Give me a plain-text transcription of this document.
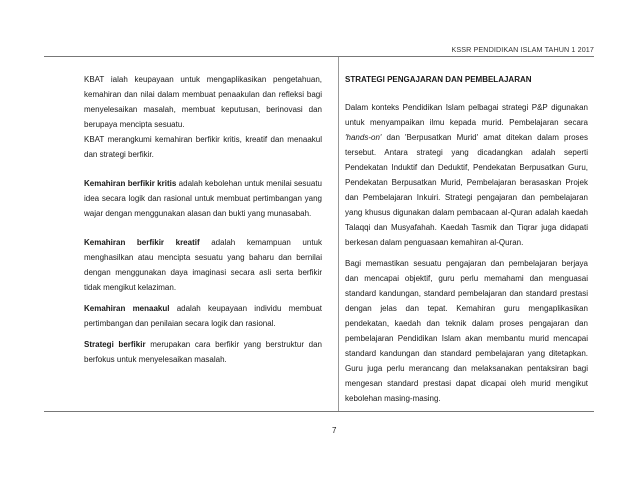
KSSR PENDIDIKAN ISLAM TAHUN 1 2017

KBAT ialah keupayaan untuk mengaplikasikan pengetahuan, kemahiran dan nilai dalam membuat penaakulan dan refleksi bagi menyelesaikan masalah, membuat keputusan, berinovasi dan berupaya mencipta sesuatu.

KBAT merangkumi kemahiran berfikir kritis, kreatif dan menaakul dan strategi berfikir.

Kemahiran berfikir kritis adalah kebolehan untuk menilai sesuatu idea secara logik dan rasional untuk membuat pertimbangan yang wajar dengan menggunakan alasan dan bukti yang munasabah.

Kemahiran berfikir kreatif adalah kemampuan untuk menghasilkan atau mencipta sesuatu yang baharu dan bernilai dengan menggunakan daya imaginasi secara asli serta berfikir tidak mengikut kelaziman.

Kemahiran menaakul adalah keupayaan individu membuat pertimbangan dan penilaian secara logik dan rasional.

Strategi berfikir merupakan cara berfikir yang berstruktur dan berfokus untuk menyelesaikan masalah.

STRATEGI PENGAJARAN DAN PEMBELAJARAN

Dalam konteks Pendidikan Islam pelbagai strategi P&P digunakan untuk menyampaikan ilmu kepada murid. Pembelajaran secara 'hands-on' dan 'Berpusatkan Murid' amat ditekan dalam proses tersebut. Antara strategi yang dicadangkan adalah seperti Pendekatan Induktif dan Deduktif, Pendekatan Berpusatkan Guru, Pendekatan Berpusatkan Murid, Pembelajaran berasaskan Projek dan Pembelajaran Inkuiri. Strategi pengajaran dan pembelajaran yang khusus digunakan dalam pembacaan al-Quran adalah kaedah Talaqqi dan Musyafahah. Kaedah Tasmik dan Tiqrar juga didapati berkesan dalam penguasaan kemahiran al-Quran.

Bagi memastikan sesuatu pengajaran dan pembelajaran berjaya dan mencapai objektif, guru perlu memahami dan menguasai standard kandungan, standard pembelajaran dan standard prestasi dengan jelas dan tepat. Kemahiran guru mengaplikasikan pendekatan, kaedah dan teknik dalam proses pengajaran dan pembelajaran Pendidikan Islam akan membantu murid mencapai standard kandungan dan standard pembelajaran yang ditetapkan. Guru juga perlu merancang dan melaksanakan pentaksiran bagi mengesan standard prestasi dapat dicapai oleh murid mengikut kebolehan masing-masing.

7
